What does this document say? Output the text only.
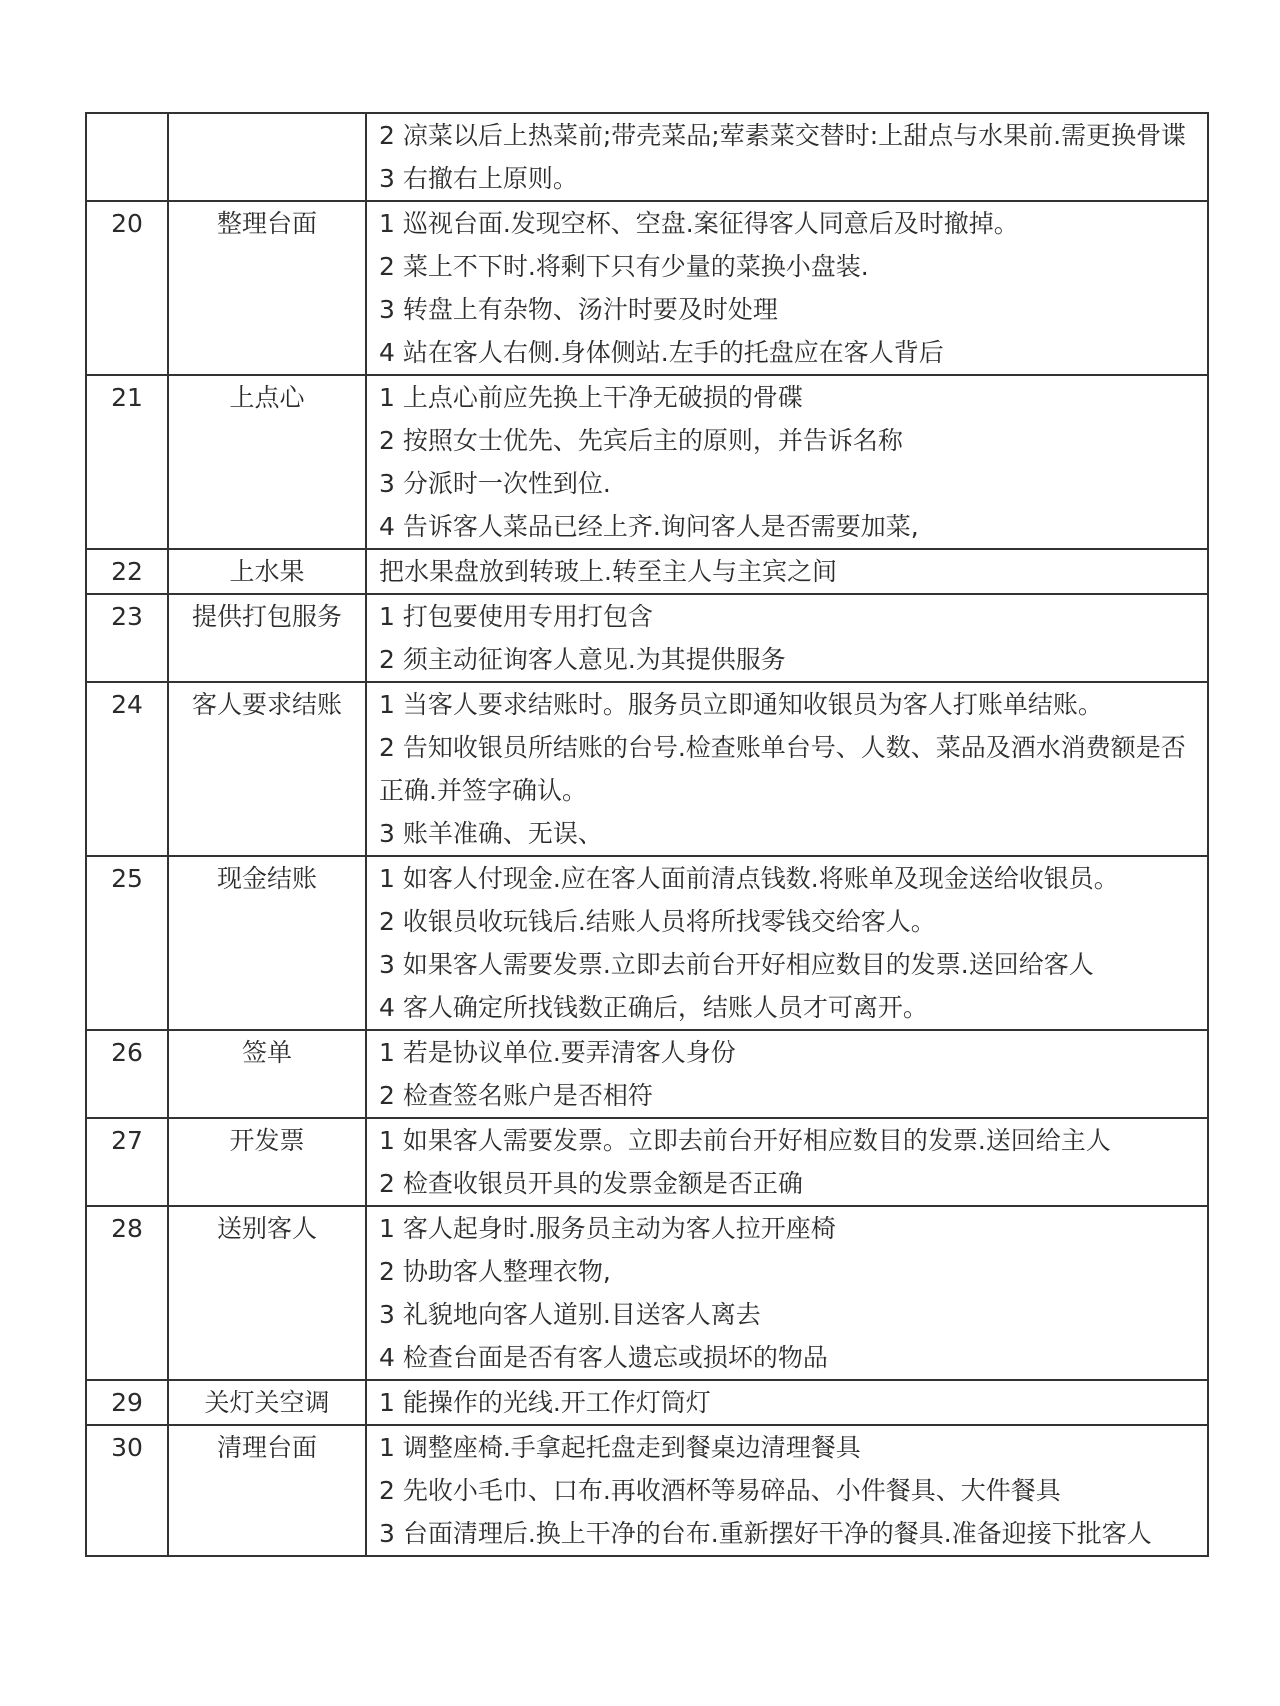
		2 凉菜以后上热菜前;带壳菜品;荤素菜交替时:上甜点与水果前.需更换骨谍
3 右撤右上原则。

20	整理台面	1 巡视台面.发现空杯、空盘.案征得客人同意后及时撤掉。
2 菜上不下时.将剩下只有少量的菜换小盘装.
3 转盘上有杂物、汤汁时要及时处理
4 站在客人右侧.身体侧站.左手的托盘应在客人背后

21	上点心	1 上点心前应先换上干净无破损的骨碟
2 按照女士优先、先宾后主的原则，并告诉名称
3 分派时一次性到位.
4 告诉客人菜品已经上齐.询问客人是否需要加菜,

22	上水果	把水果盘放到转玻上.转至主人与主宾之间

23	提供打包服务	1 打包要使用专用打包含
2 须主动征询客人意见.为其提供服务

24	客人要求结账	1 当客人要求结账时。服务员立即通知收银员为客人打账单结账。
2 告知收银员所结账的台号.检查账单台号、人数、菜品及酒水消费额是否正确.并签字确认。
3 账羊准确、无误、

25	现金结账	1 如客人付现金.应在客人面前清点钱数.将账单及现金送给收银员。
2 收银员收玩钱后.结账人员将所找零钱交给客人。
3 如果客人需要发票.立即去前台开好相应数目的发票.送回给客人
4 客人确定所找钱数正确后，结账人员才可离开。

26	签单	1 若是协议单位.要弄清客人身份
2 检查签名账户是否相符

27	开发票	1 如果客人需要发票。立即去前台开好相应数目的发票.送回给主人
2 检查收银员开具的发票金额是否正确

28	送别客人	1 客人起身时.服务员主动为客人拉开座椅
2 协助客人整理衣物,
3 礼貌地向客人道别.目送客人离去
4 检查台面是否有客人遗忘或损坏的物品

29	关灯关空调	1 能操作的光线.开工作灯筒灯

30	清理台面	1 调整座椅.手拿起托盘走到餐桌边清理餐具
2 先收小毛巾、口布.再收酒杯等易碎品、小件餐具、大件餐具
3 台面清理后.换上干净的台布.重新摆好干净的餐具.准备迎接下批客人
